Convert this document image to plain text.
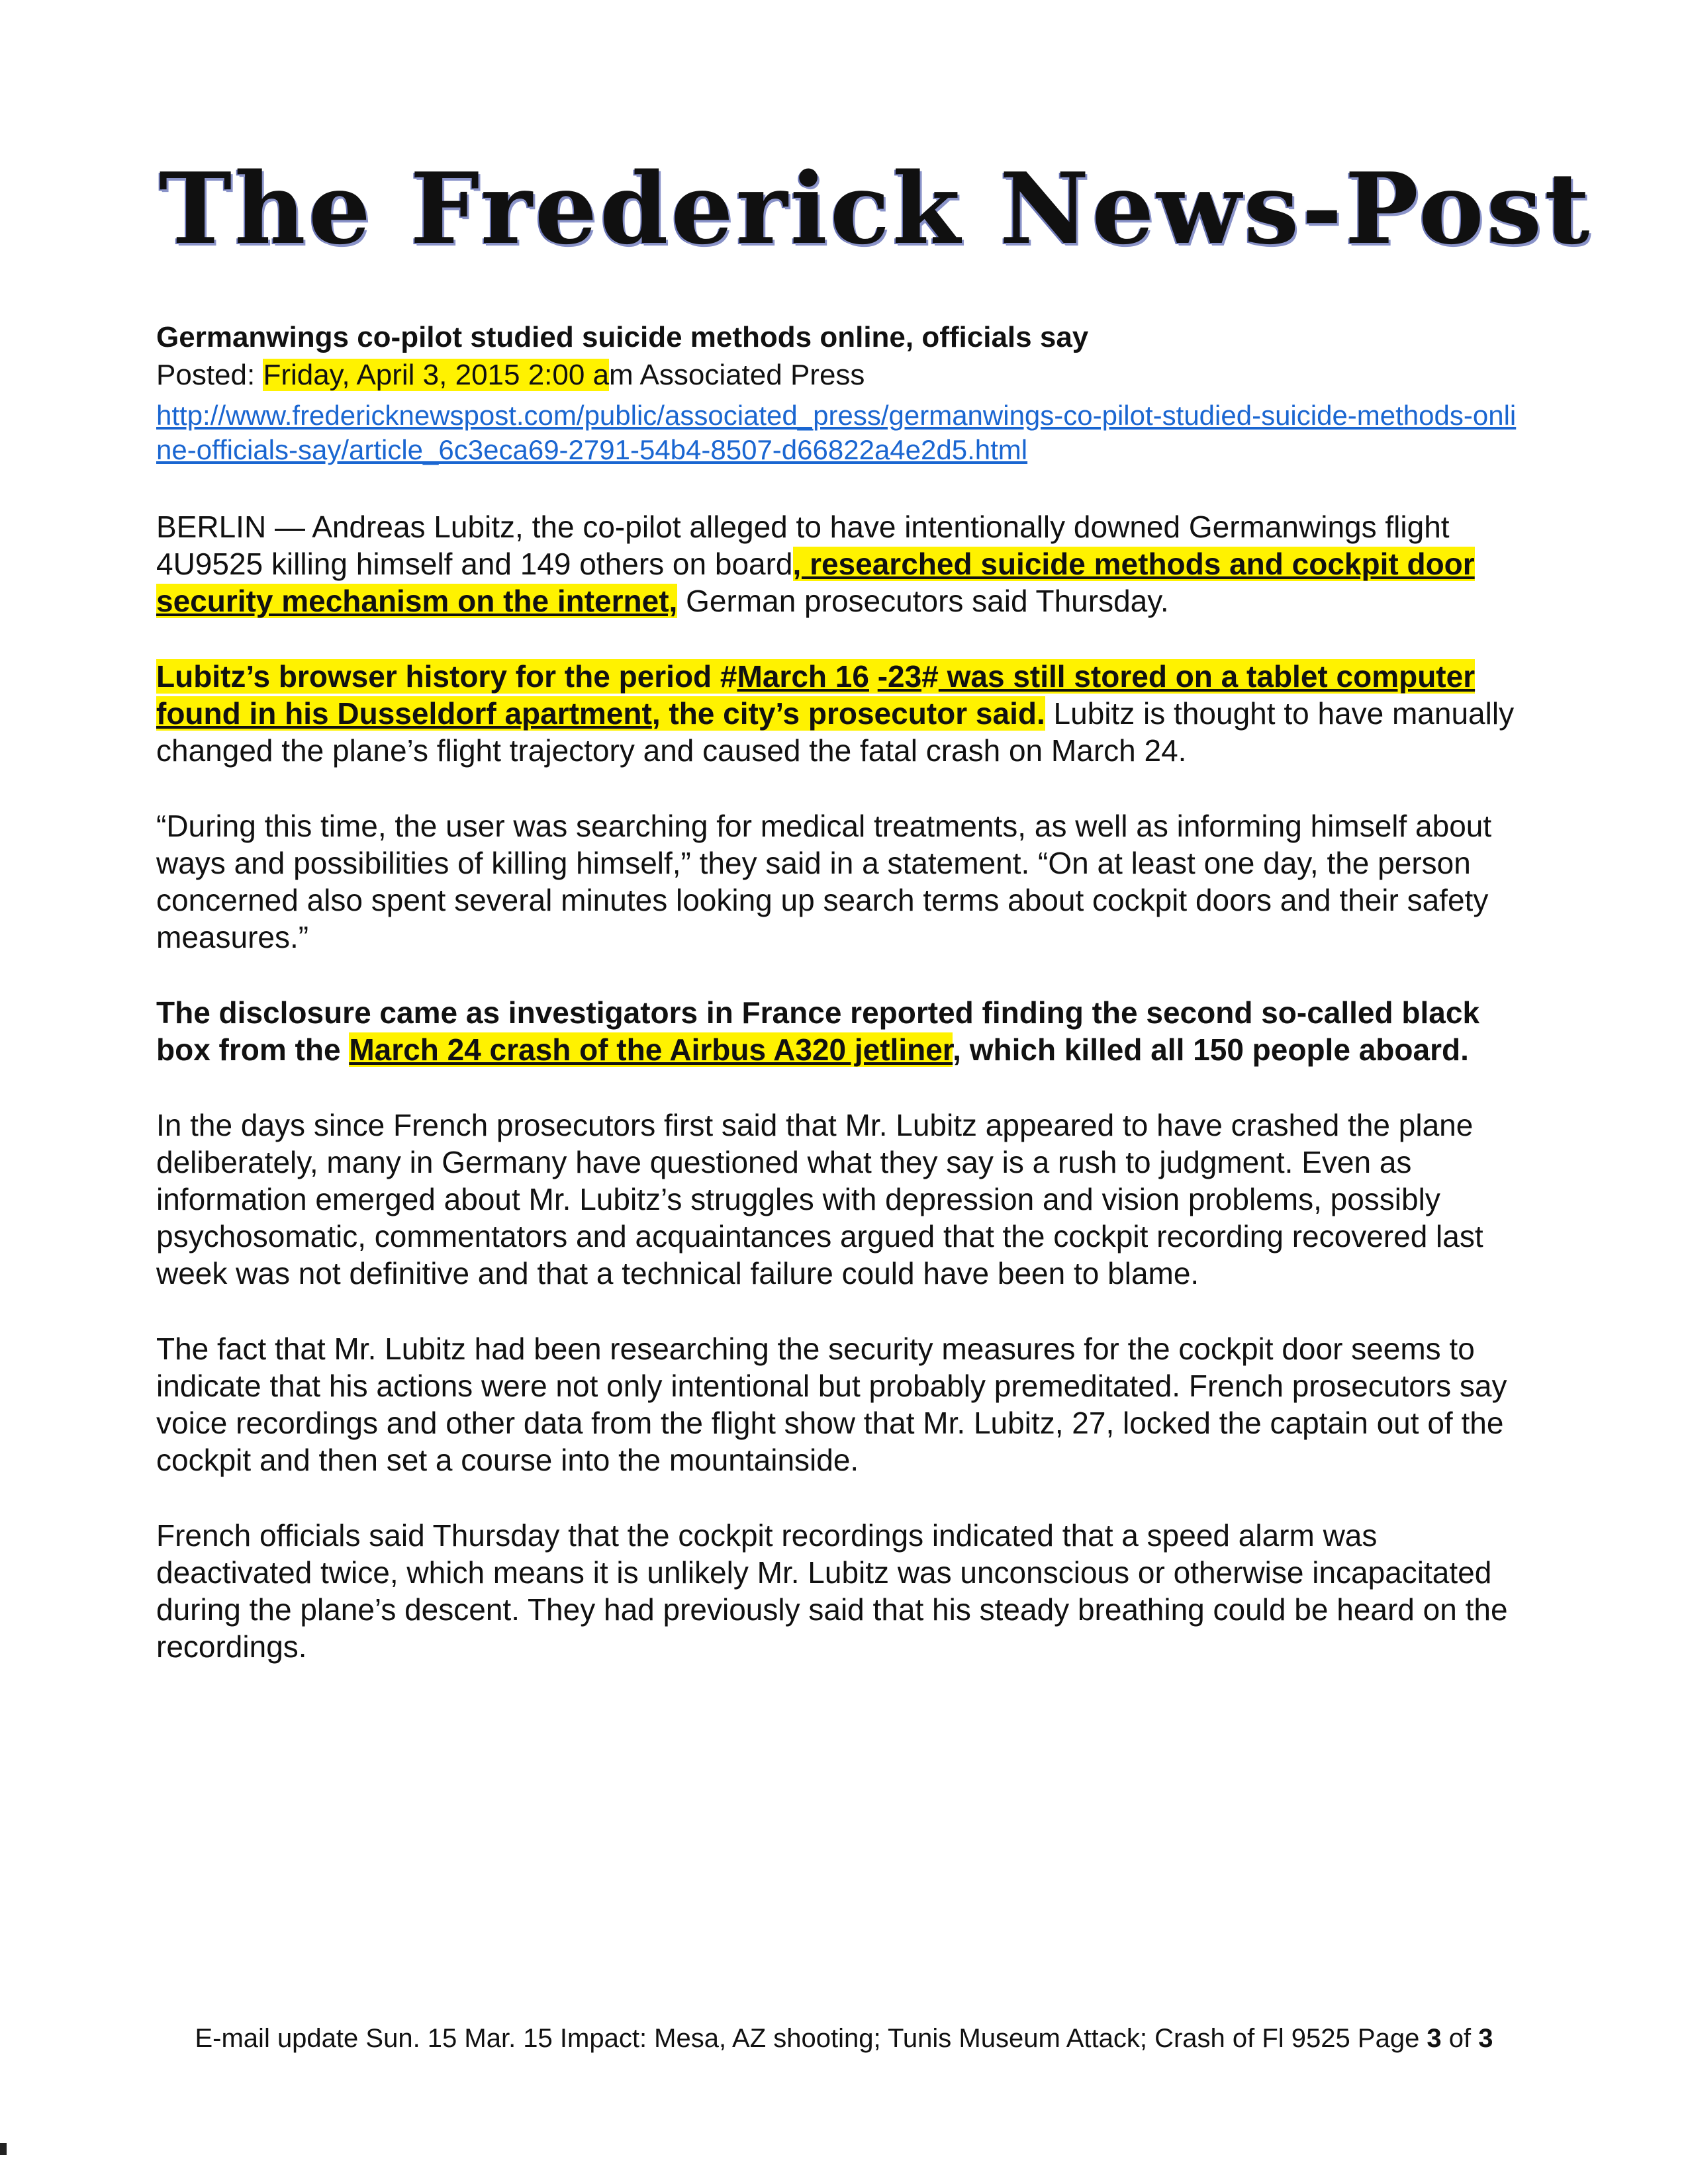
The Frederick News-Post
Germanwings co-pilot studied suicide methods online, officials say
Posted: Friday, April 3, 2015 2:00 am Associated Press
http://www.fredericknewspost.com/public/associated_press/germanwings-co-pilot-studied-suicide-methods-online-officials-say/article_6c3eca69-2791-54b4-8507-d66822a4e2d5.html

BERLIN — Andreas Lubitz, the co-pilot alleged to have intentionally downed Germanwings flight 4U9525 killing himself and 149 others on board, researched suicide methods and cockpit door security mechanism on the internet, German prosecutors said Thursday.

Lubitz’s browser history for the period #March 16 -23# was still stored on a tablet computer found in his Dusseldorf apartment, the city’s prosecutor said. Lubitz is thought to have manually changed the plane’s flight trajectory and caused the fatal crash on March 24.

“During this time, the user was searching for medical treatments, as well as informing himself about ways and possibilities of killing himself,” they said in a statement. “On at least one day, the person concerned also spent several minutes looking up search terms about cockpit doors and their safety measures.”

The disclosure came as investigators in France reported finding the second so-called black box from the March 24 crash of the Airbus A320 jetliner, which killed all 150 people aboard.

In the days since French prosecutors first said that Mr. Lubitz appeared to have crashed the plane deliberately, many in Germany have questioned what they say is a rush to judgment. Even as information emerged about Mr. Lubitz’s struggles with depression and vision problems, possibly psychosomatic, commentators and acquaintances argued that the cockpit recording recovered last week was not definitive and that a technical failure could have been to blame.

The fact that Mr. Lubitz had been researching the security measures for the cockpit door seems to indicate that his actions were not only intentional but probably premeditated. French prosecutors say voice recordings and other data from the flight show that Mr. Lubitz, 27, locked the captain out of the cockpit and then set a course into the mountainside.

French officials said Thursday that the cockpit recordings indicated that a speed alarm was deactivated twice, which means it is unlikely Mr. Lubitz was unconscious or otherwise incapacitated during the plane’s descent. They had previously said that his steady breathing could be heard on the recordings.

E-mail update Sun. 15 Mar. 15 Impact: Mesa, AZ shooting; Tunis Museum Attack; Crash of Fl 9525 Page 3 of 3
